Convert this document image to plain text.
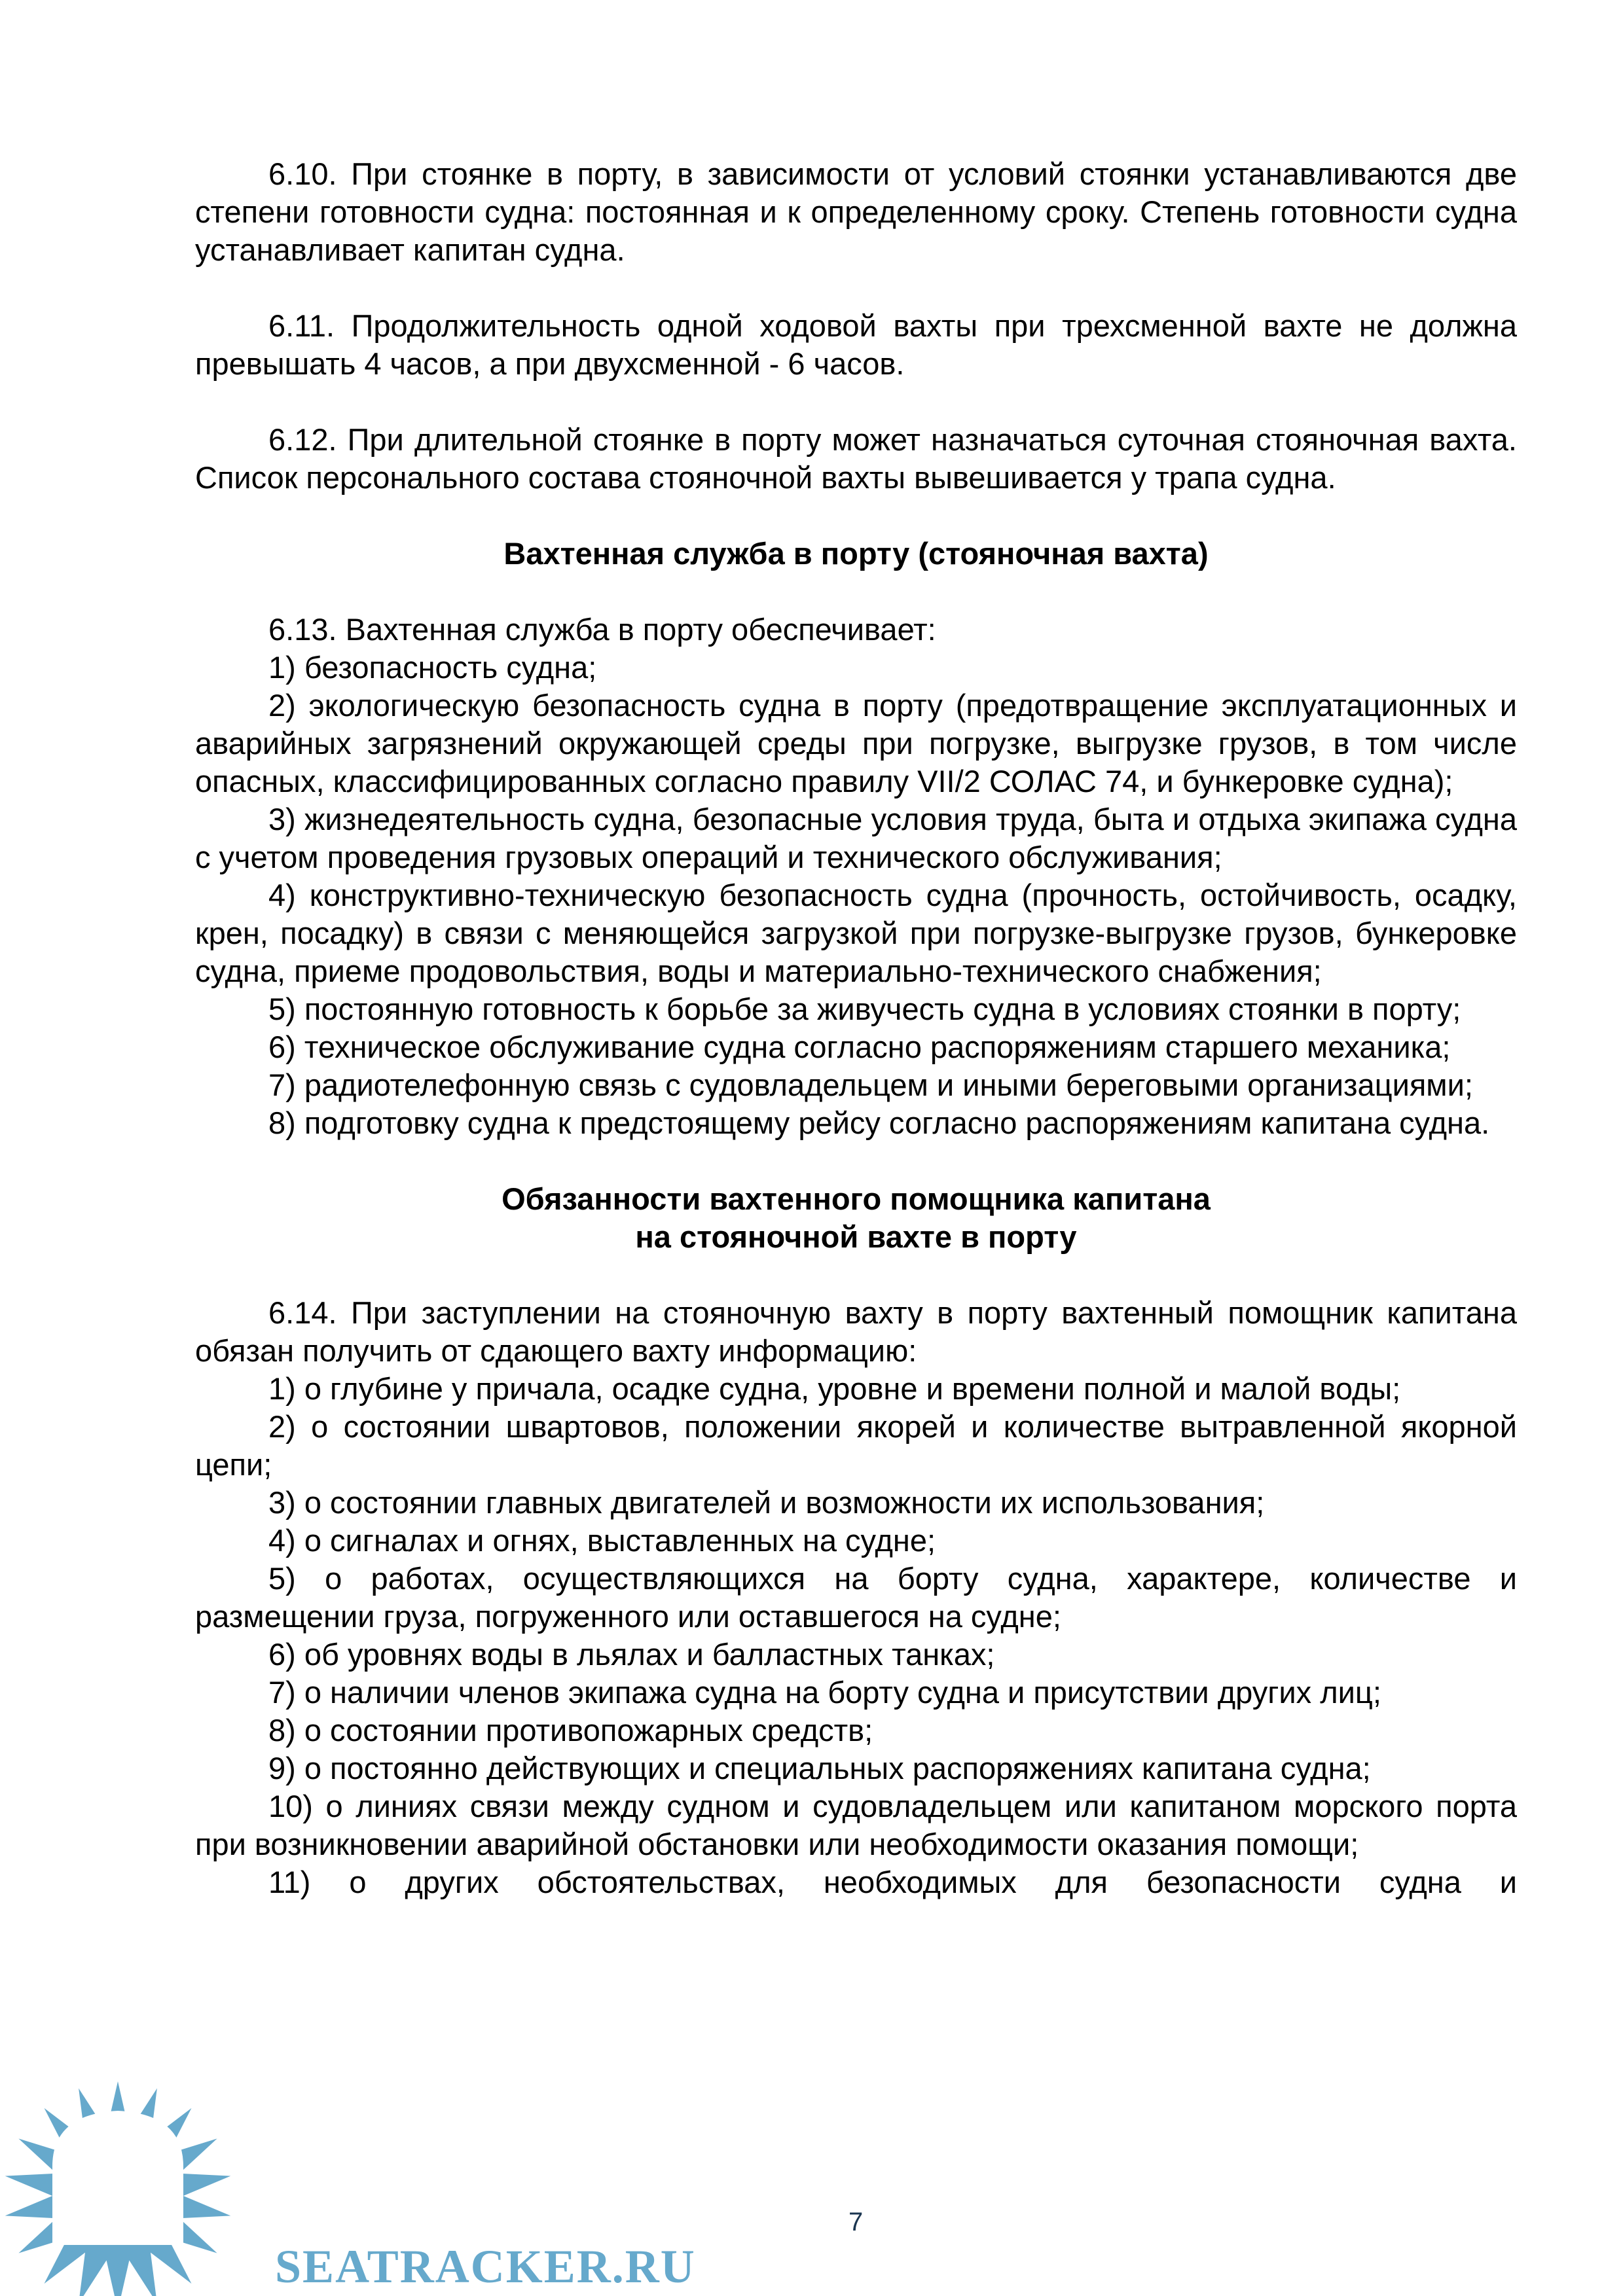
6.10. При стоянке в порту, в зависимости от условий стоянки устанавливаются две степени готовности судна: постоянная и к определенному сроку. Степень готовности судна устанавливает капитан судна.

6.11. Продолжительность одной ходовой вахты при трехсменной вахте не должна превышать 4 часов, а при двухсменной - 6 часов.

6.12. При длительной стоянке в порту может назначаться суточная стояночная вахта. Список персонального состава стояночной вахты вывешивается у трапа судна.

Вахтенная служба в порту (стояночная вахта)

6.13. Вахтенная служба в порту обеспечивает:

1) безопасность судна;

2) экологическую безопасность судна в порту (предотвращение эксплуатационных и аварийных загрязнений окружающей среды при погрузке, выгрузке грузов, в том числе опасных, классифицированных согласно правилу VII/2 СОЛАС 74, и бункеровке судна);

3) жизнедеятельность судна, безопасные условия труда, быта и отдыха экипажа судна с учетом проведения грузовых операций и технического обслуживания;

4) конструктивно-техническую безопасность судна (прочность, остойчивость, осадку, крен, посадку) в связи с меняющейся загрузкой при погрузке-выгрузке грузов, бункеровке судна, приеме продовольствия, воды и материально-технического снабжения;

5) постоянную готовность к борьбе за живучесть судна в условиях стоянки в порту;

6) техническое обслуживание судна согласно распоряжениям старшего механика;

7) радиотелефонную связь с судовладельцем и иными береговыми организациями;

8) подготовку судна к предстоящему рейсу согласно распоряжениям капитана судна.

Обязанности вахтенного помощника капитана
на стояночной вахте в порту

6.14. При заступлении на стояночную вахту в порту вахтенный помощник капитана обязан получить от сдающего вахту информацию:

1) о глубине у причала, осадке судна, уровне и времени полной и малой воды;

2) о состоянии швартовов, положении якорей и количестве вытравленной якорной цепи;

3) о состоянии главных двигателей и возможности их использования;

4) о сигналах и огнях, выставленных на судне;

5) о работах, осуществляющихся на борту судна, характере, количестве и размещении груза, погруженного или оставшегося на судне;

6) об уровнях воды в льялах и балластных танках;

7) о наличии членов экипажа судна на борту судна и присутствии других лиц;

8) о состоянии противопожарных средств;

9) о постоянно действующих и специальных распоряжениях капитана судна;

10) о линиях связи между судном и судовладельцем или капитаном морского порта при возникновении аварийной обстановки или необходимости оказания помощи;

11) о других обстоятельствах, необходимых для безопасности судна и

SEATRACKER.RU
7
